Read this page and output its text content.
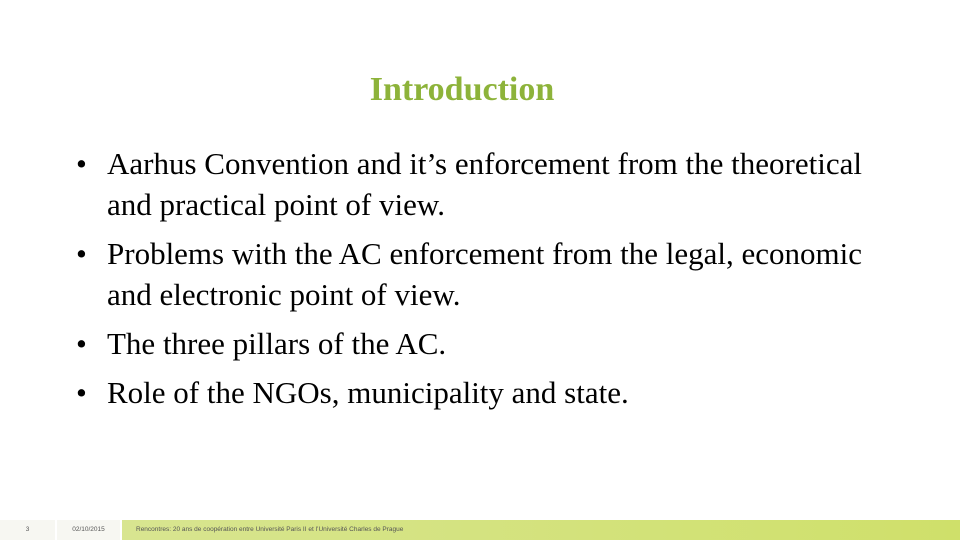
Introduction
• Aarhus Convention and it’s enforcement from the theoretical and practical point of view.
• Problems with the AC enforcement from the legal, economic and electronic point of view.
• The three pillars of the AC.
• Role of the NGOs, municipality and state.
3	02/10/2015	Rencontres: 20 ans de coopération entre Université Paris II et l’Université Charles de Prague
